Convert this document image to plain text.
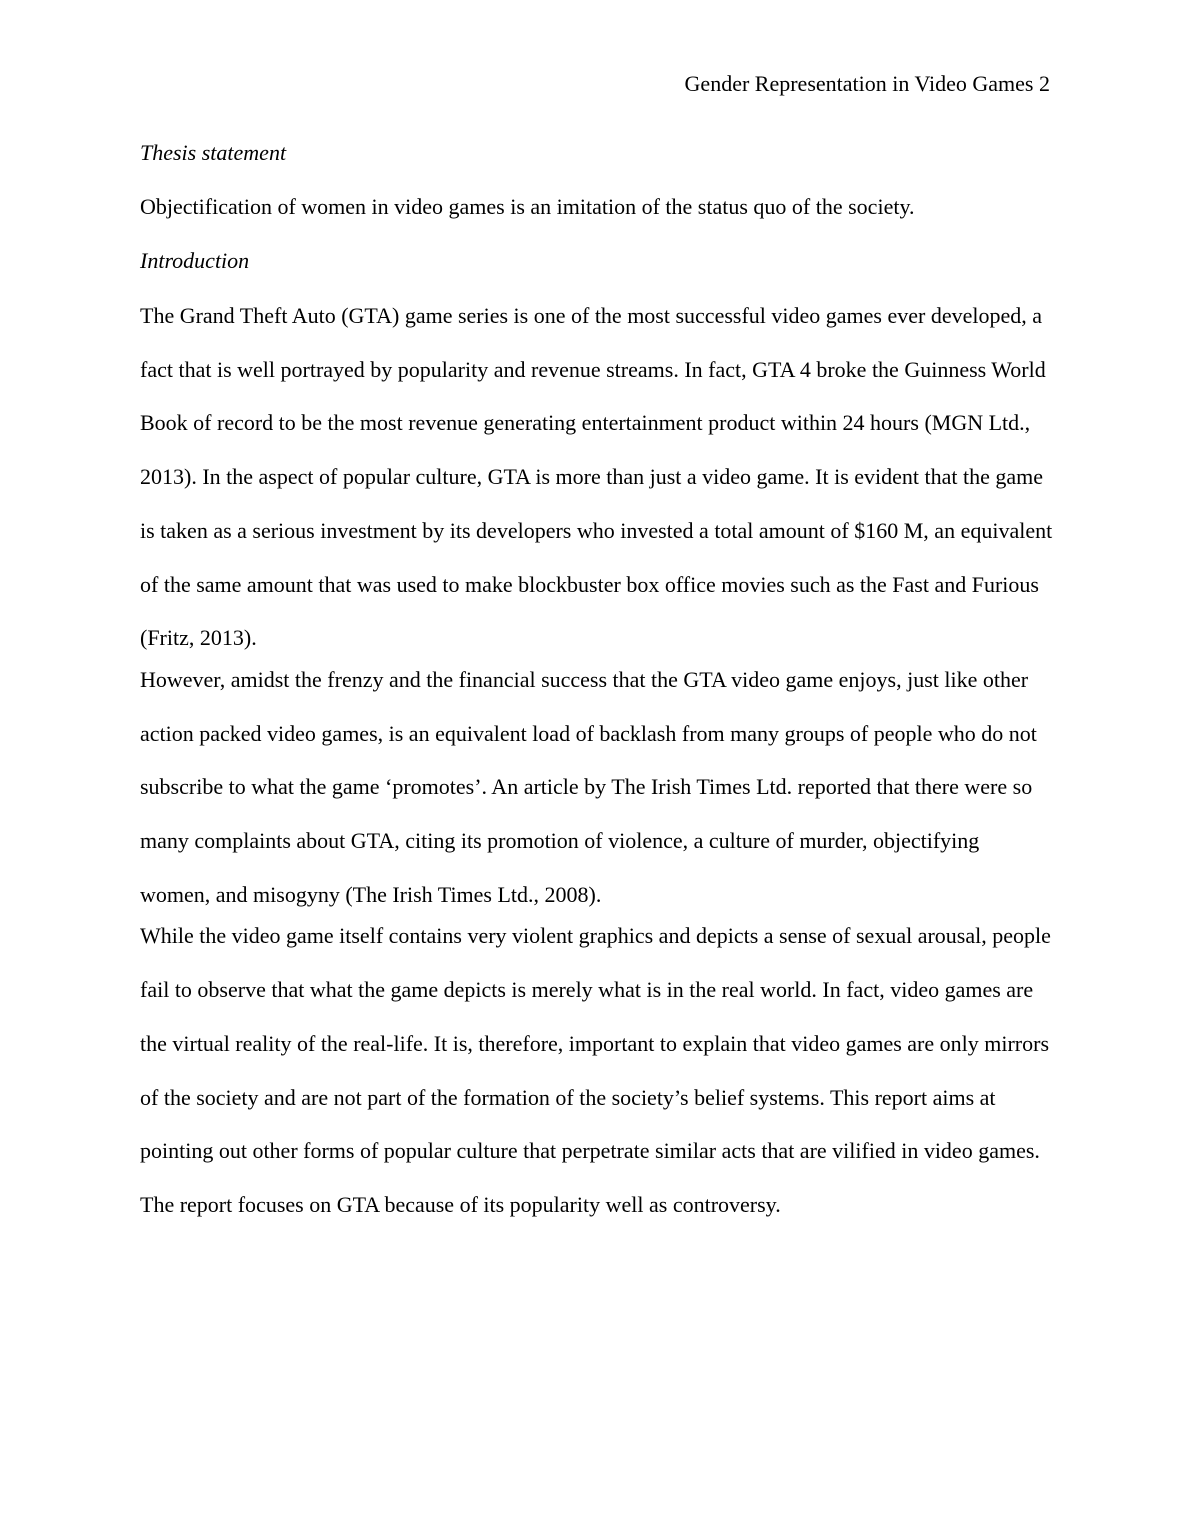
Gender Representation in Video Games 2
Thesis statement
Objectification of women in video games is an imitation of the status quo of the society.
Introduction

The Grand Theft Auto (GTA) game series is one of the most successful video games ever developed, a fact that is well portrayed by popularity and revenue streams. In fact, GTA 4 broke the Guinness World Book of record to be the most revenue generating entertainment product within 24 hours (MGN Ltd., 2013). In the aspect of popular culture, GTA is more than just a video game. It is evident that the game is taken as a serious investment by its developers who invested a total amount of $160 M, an equivalent of the same amount that was used to make blockbuster box office movies such as the Fast and Furious (Fritz, 2013).

However, amidst the frenzy and the financial success that the GTA video game enjoys, just like other action packed video games, is an equivalent load of backlash from many groups of people who do not subscribe to what the game ‘promotes’. An article by The Irish Times Ltd. reported that there were so many complaints about GTA, citing its promotion of violence, a culture of murder, objectifying women, and misogyny (The Irish Times Ltd., 2008).

While the video game itself contains very violent graphics and depicts a sense of sexual arousal, people fail to observe that what the game depicts is merely what is in the real world. In fact, video games are the virtual reality of the real-life. It is, therefore, important to explain that video games are only mirrors of the society and are not part of the formation of the society’s belief systems. This report aims at pointing out other forms of popular culture that perpetrate similar acts that are vilified in video games. The report focuses on GTA because of its popularity well as controversy.
